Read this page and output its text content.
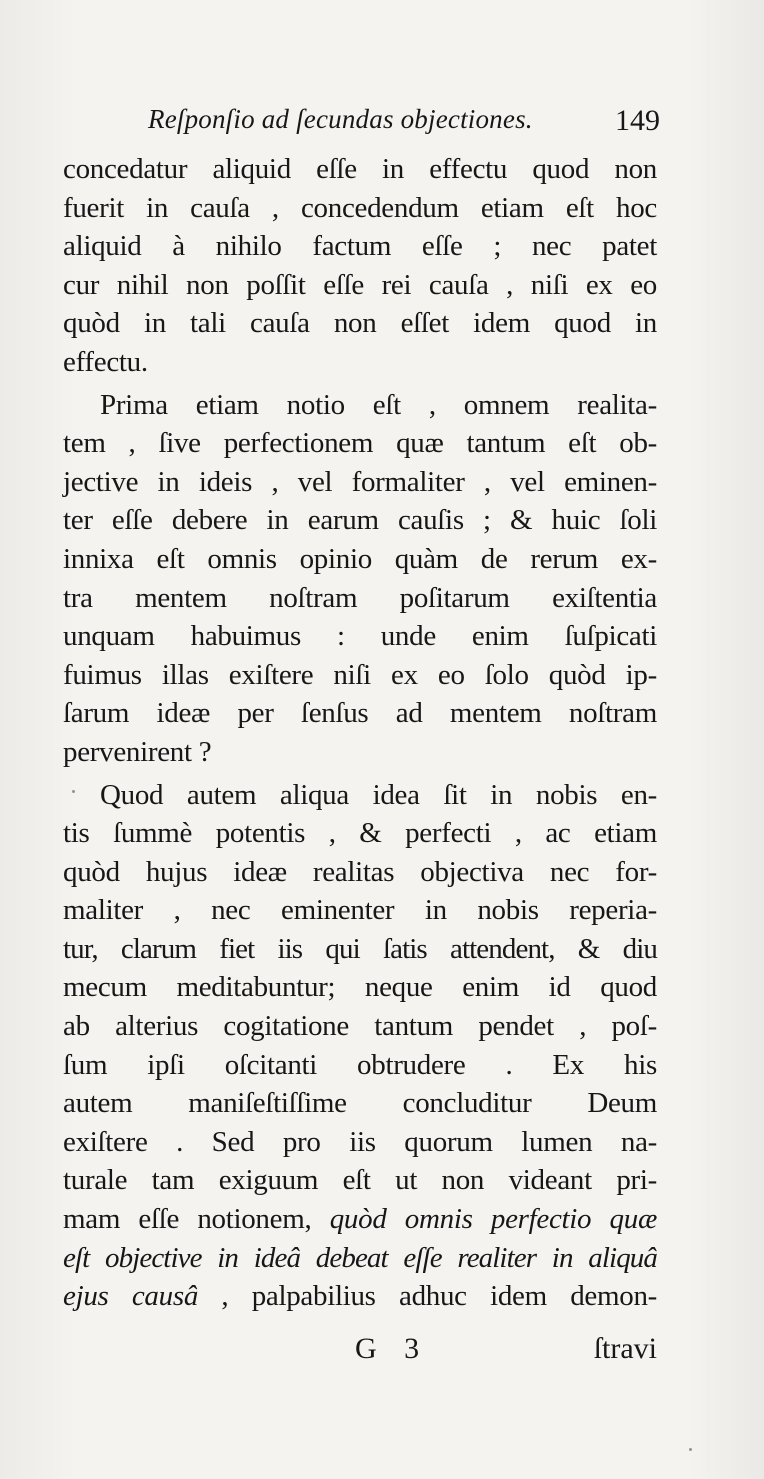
Reſponſio ad ſecundas objectiones.	149
concedatur aliquid eſſe in effectu quod non
fuerit in cauſa , concedendum etiam eſt hoc
aliquid à nihilo factum eſſe ; nec patet
cur nihil non poſſit eſſe rei cauſa , niſi ex eo
quòd in tali cauſa non eſſet idem quod in
effectu.
Prima etiam notio eſt , omnem realita-
tem , ſive perfectionem quæ tantum eſt ob-
jective in ideis , vel formaliter , vel eminen-
ter eſſe debere in earum cauſis ; & huic ſoli
innixa eſt omnis opinio quàm de rerum ex-
tra mentem noſtram poſitarum exiſtentia
unquam habuimus : unde enim ſuſpicati
fuimus illas exiſtere niſi ex eo ſolo quòd ip-
ſarum ideæ per ſenſus ad mentem noſtram
pervenirent ?
Quod autem aliqua idea ſit in nobis en-
tis ſummè potentis , & perfecti , ac etiam
quòd hujus ideæ realitas objectiva nec for-
maliter , nec eminenter in nobis reperia-
tur, clarum fiet iis qui ſatis attendent, & diu
mecum meditabuntur; neque enim id quod
ab alterius cogitatione tantum pendet , poſ-
ſum ipſi oſcitanti obtrudere . Ex his
autem maniſeſtiſſime concluditur Deum
exiſtere . Sed pro iis quorum lumen na-
turale tam exiguum eſt ut non videant pri-
mam eſſe notionem, quòd omnis perfectio quæ
eſt objective in ideâ debeat eſſe realiter in aliquâ
ejus causâ , palpabilius adhuc idem demon-
G 3	ſtravi
